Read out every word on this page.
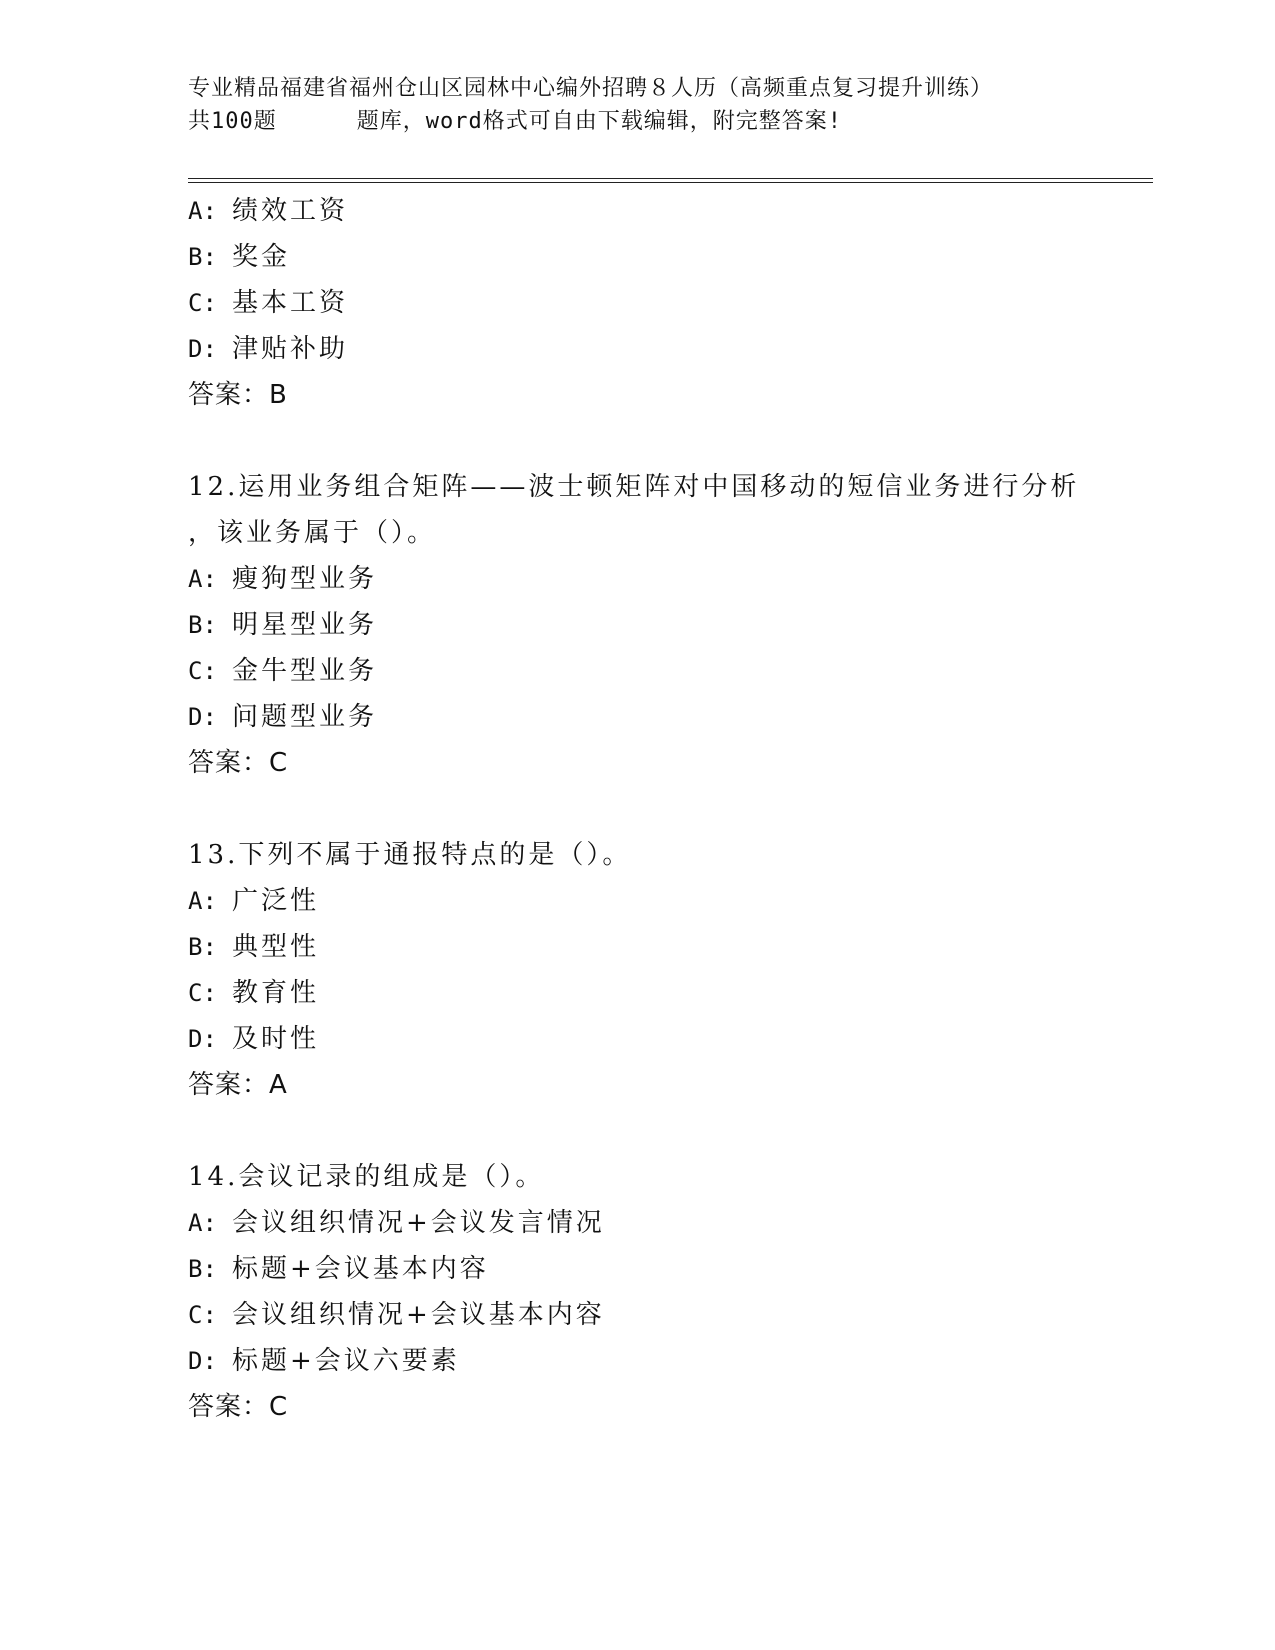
专业精品福建省福州仓山区园林中心编外招聘８人历（高频重点复习提升训练）
共100题	题库，word格式可自由下载编辑，附完整答案!
A: 绩效工资
B: 奖金
C: 基本工资
D: 津贴补助
答案：B
12.运用业务组合矩阵——波士顿矩阵对中国移动的短信业务进行分析
，该业务属于（）。
A: 瘦狗型业务
B: 明星型业务
C: 金牛型业务
D: 问题型业务
答案：C
13.下列不属于通报特点的是（）。
A: 广泛性
B: 典型性
C: 教育性
D: 及时性
答案：A
14.会议记录的组成是（）。
A: 会议组织情况+会议发言情况
B: 标题+会议基本内容
C: 会议组织情况+会议基本内容
D: 标题+会议六要素
答案：C
